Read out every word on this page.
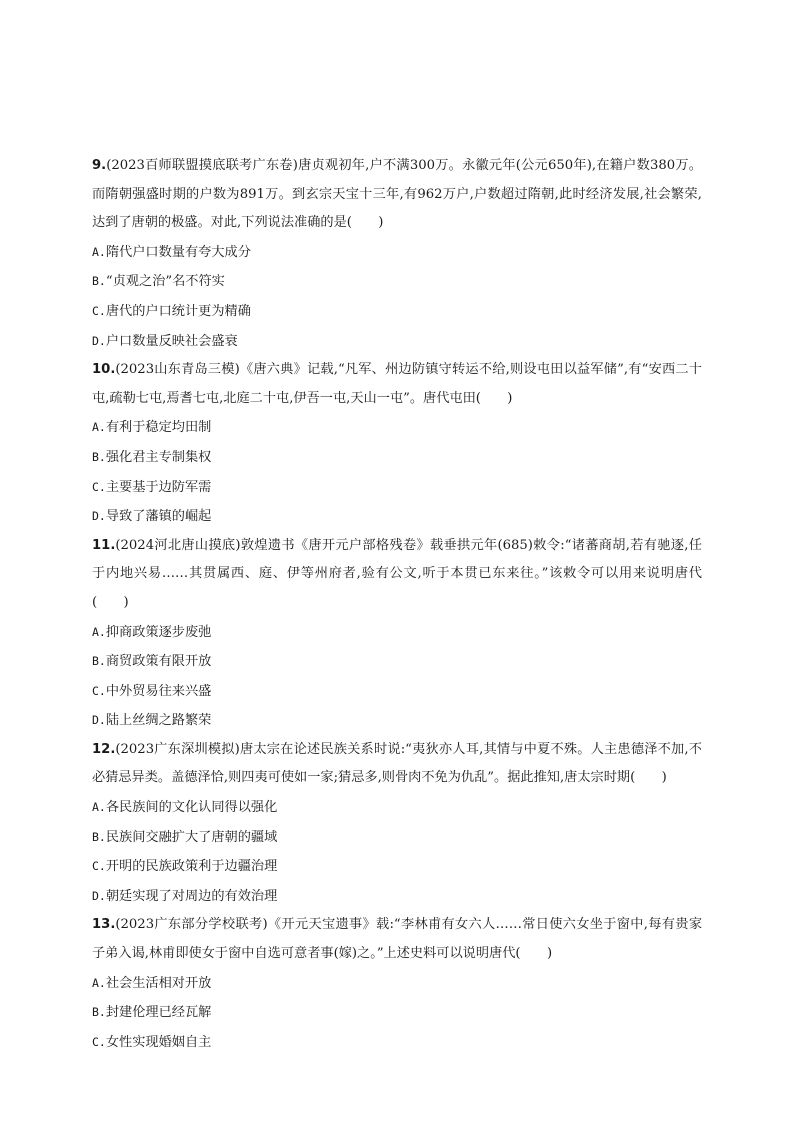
9.(2023百师联盟摸底联考广东卷)唐贞观初年,户不满300万。永徽元年(公元650年),在籍户数380万。而隋朝强盛时期的户数为891万。到玄宗天宝十三年,有962万户,户数超过隋朝,此时经济发展,社会繁荣,达到了唐朝的极盛。对此,下列说法准确的是(　　)

A.隋代户口数量有夸大成分

B.“贞观之治”名不符实

C.唐代的户口统计更为精确

D.户口数量反映社会盛衰

10.(2023山东青岛三模)《唐六典》记载,“凡军、州边防镇守转运不给,则设屯田以益军储”,有“安西二十屯,疏勒七屯,焉耆七屯,北庭二十屯,伊吾一屯,天山一屯”。唐代屯田(　　)

A.有利于稳定均田制

B.强化君主专制集权

C.主要基于边防军需

D.导致了藩镇的崛起

11.(2024河北唐山摸底)敦煌遗书《唐开元户部格残卷》载垂拱元年(685)敕令:“诸蕃商胡,若有驰逐,任于内地兴易……其贯属西、庭、伊等州府者,验有公文,听于本贯已东来往。”该敕令可以用来说明唐代(　　)

A.抑商政策逐步废弛

B.商贸政策有限开放

C.中外贸易往来兴盛

D.陆上丝绸之路繁荣

12.(2023广东深圳模拟)唐太宗在论述民族关系时说:“夷狄亦人耳,其情与中夏不殊。人主患德泽不加,不必猜忌异类。盖德泽恰,则四夷可使如一家;猜忌多,则骨肉不免为仇乱”。据此推知,唐太宗时期(　　)

A.各民族间的文化认同得以强化

B.民族间交融扩大了唐朝的疆域

C.开明的民族政策利于边疆治理

D.朝廷实现了对周边的有效治理

13.(2023广东部分学校联考)《开元天宝遗事》载:“李林甫有女六人……常日使六女坐于窗中,每有贵家子弟入谒,林甫即使女于窗中自选可意者事(嫁)之。”上述史料可以说明唐代(　　)

A.社会生活相对开放

B.封建伦理已经瓦解

C.女性实现婚姻自主
